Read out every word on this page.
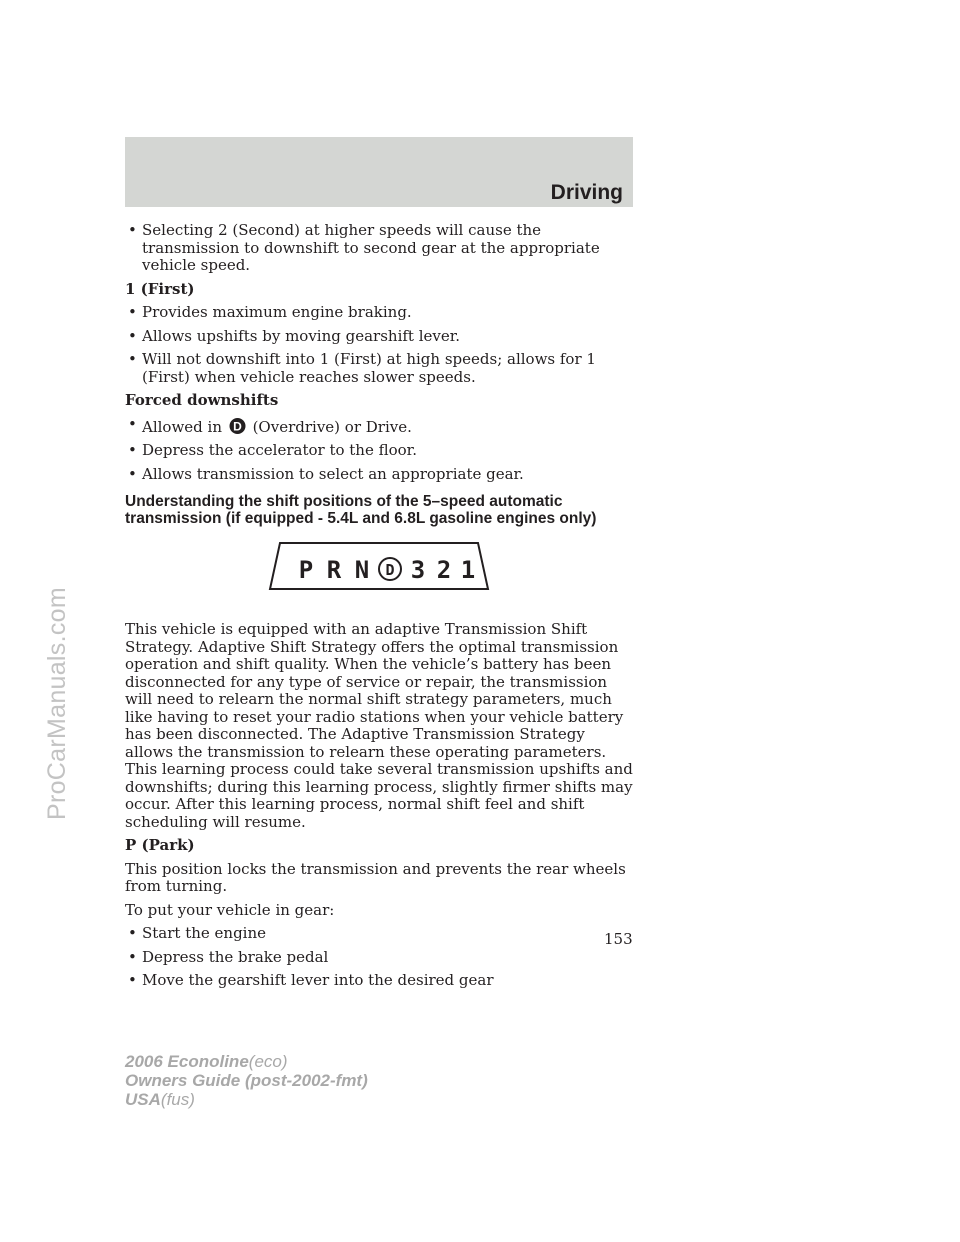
Driving
ProCarManuals.com
• Selecting 2 (Second) at higher speeds will cause the transmission to downshift to second gear at the appropriate vehicle speed.

1 (First)
• Provides maximum engine braking.

• Allows upshifts by moving gearshift lever.

• Will not downshift into 1 (First) at high speeds; allows for 1 (First) when vehicle reaches slower speeds.

Forced downshifts
• Allowed in D (Overdrive) or Drive.

• Depress the accelerator to the floor.

• Allows transmission to select an appropriate gear.

Understanding the shift positions of the 5–speed automatic transmission (if equipped - 5.4L and 6.8L gasoline engines only)
P R N D 3 2 1

This vehicle is equipped with an adaptive Transmission Shift Strategy. Adaptive Shift Strategy offers the optimal transmission operation and shift quality. When the vehicle’s battery has been disconnected for any type of service or repair, the transmission will need to relearn the normal shift strategy parameters, much like having to reset your radio stations when your vehicle battery has been disconnected. The Adaptive Transmission Strategy allows the transmission to relearn these operating parameters. This learning process could take several transmission upshifts and downshifts; during this learning process, slightly firmer shifts may occur. After this learning process, normal shift feel and shift scheduling will resume.

P (Park)

This position locks the transmission and prevents the rear wheels from turning.

To put your vehicle in gear:

• Start the engine

• Depress the brake pedal

• Move the gearshift lever into the desired gear

153
2006 Econoline(eco)
Owners Guide (post-2002-fmt)
USA(fus)
